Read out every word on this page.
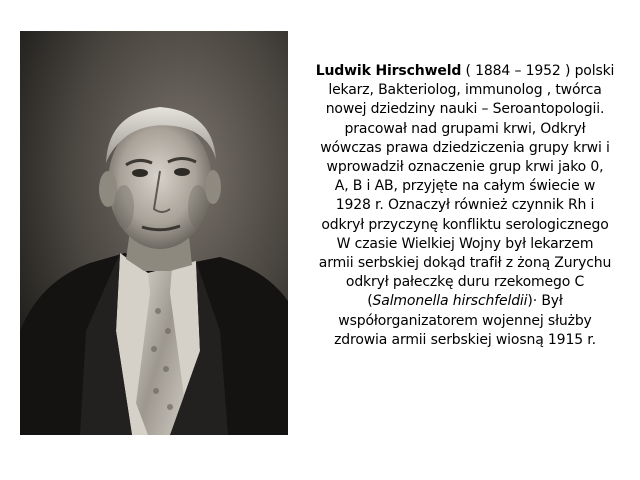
Ludwik Hirschweld ( 1884 – 1952 ) polski
lekarz, Bakteriolog, immunolog , twórca
nowej dziedziny nauki – Seroantopologii.
pracował nad grupami krwi, Odkrył
wówczas prawa dziedziczenia grupy krwi i
wprowadził oznaczenie grup krwi jako 0,
A, B i AB, przyjęte na całym świecie w
1928 r. Oznaczył również czynnik Rh i
odkrył przyczynę konfliktu serologicznego
W czasie Wielkiej Wojny był lekarzem
armii serbskiej dokąd trafił z żoną Zurychu
odkrył pałeczkę duru rzekomego C
(Salmonella hirschfeldii)· Był
współorganizatorem wojennej służby
zdrowia armii serbskiej wiosną 1915 r.
